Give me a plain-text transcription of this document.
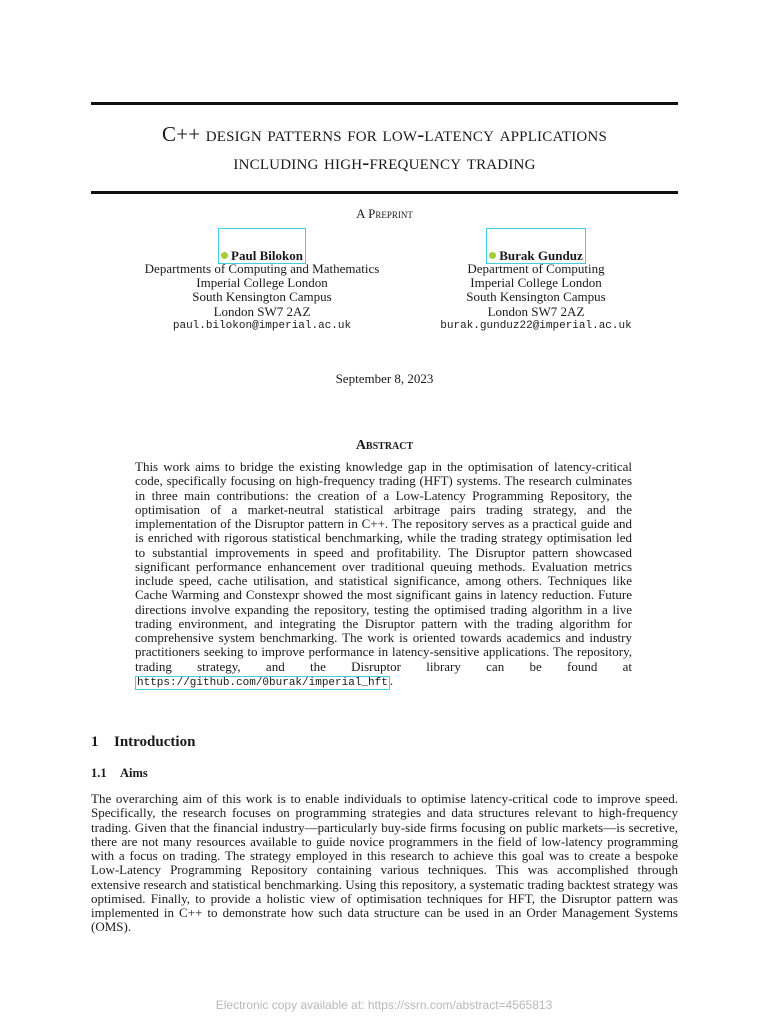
C++ design patterns for low-latency applications
including high-frequency trading
A Preprint
Paul Bilokon
Departments of Computing and Mathematics
Imperial College London
South Kensington Campus
London SW7 2AZ
paul.bilokon@imperial.ac.uk
Burak Gunduz
Department of Computing
Imperial College London
South Kensington Campus
London SW7 2AZ
burak.gunduz22@imperial.ac.uk
September 8, 2023
Abstract
This work aims to bridge the existing knowledge gap in the optimisation of latency-critical code, specifically focusing on high-frequency trading (HFT) systems. The research culminates in three main contributions: the creation of a Low-Latency Programming Repository, the optimisation of a market-neutral statistical arbitrage pairs trading strategy, and the implementation of the Disruptor pattern in C++. The repository serves as a practical guide and is enriched with rigorous statistical benchmarking, while the trading strategy optimisation led to substantial improvements in speed and profitability. The Disruptor pattern showcased significant performance enhancement over traditional queuing methods. Evaluation metrics include speed, cache utilisation, and statistical significance, among others. Techniques like Cache Warming and Constexpr showed the most significant gains in latency reduction. Future directions involve expanding the repository, testing the optimised trading algorithm in a live trading environment, and integrating the Disruptor pattern with the trading algorithm for comprehensive system benchmarking. The work is oriented towards academics and industry practitioners seeking to improve performance in latency-sensitive applications. The repository, trading strategy, and the Disruptor library can be found at https://github.com/0burak/imperial_hft .
1 Introduction
1.1 Aims
The overarching aim of this work is to enable individuals to optimise latency-critical code to improve speed. Specifically, the research focuses on programming strategies and data structures relevant to high-frequency trading. Given that the financial industry—particularly buy-side firms focusing on public markets—is secretive, there are not many resources available to guide novice programmers in the field of low-latency programming with a focus on trading. The strategy employed in this research to achieve this goal was to create a bespoke Low-Latency Programming Repository containing various techniques. This was accomplished through extensive research and statistical benchmarking. Using this repository, a systematic trading backtest strategy was optimised. Finally, to provide a holistic view of optimisation techniques for HFT, the Disruptor pattern was implemented in C++ to demonstrate how such data structure can be used in an Order Management Systems (OMS).
Electronic copy available at: https://ssrn.com/abstract=4565813
